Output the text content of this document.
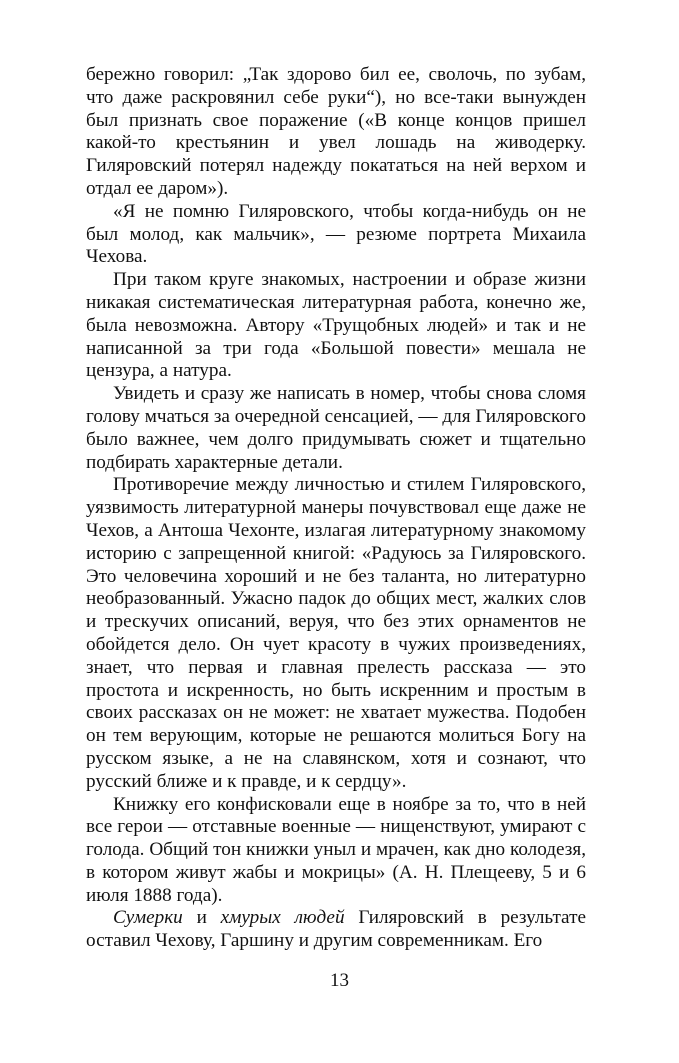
бережно говорил: „Так здорово бил ее, сволочь, по зубам, что даже раскровянил себе руки“), но все-таки вынужден был признать свое поражение («В конце концов пришел какой-то крестьянин и увел лошадь на живодерку. Гиляровский потерял надежду покататься на ней верхом и отдал ее даром»).

«Я не помню Гиляровского, чтобы когда-нибудь он не был молод, как мальчик», — резюме портрета Михаила Чехова.

При таком круге знакомых, настроении и образе жизни никакая систематическая литературная работа, конечно же, была невозможна. Автору «Трущобных людей» и так и не написанной за три года «Большой повести» мешала не цензура, а натура.

Увидеть и сразу же написать в номер, чтобы снова сломя голову мчаться за очередной сенсацией, — для Гиляровского было важнее, чем долго придумывать сюжет и тщательно подбирать характерные детали.

Противоречие между личностью и стилем Гиляровского, уязвимость литературной манеры почувствовал еще даже не Чехов, а Антоша Чехонте, излагая литературному знакомому историю с запрещенной книгой: «Радуюсь за Гиляровского. Это человечина хороший и не без таланта, но литературно необразованный. Ужасно падок до общих мест, жалких слов и трескучих описаний, веруя, что без этих орнаментов не обойдется дело. Он чует красоту в чужих произведениях, знает, что первая и главная прелесть рассказа — это простота и искренность, но быть искренним и простым в своих рассказах он не может: не хватает мужества. Подобен он тем верующим, которые не решаются молиться Богу на русском языке, а не на славянском, хотя и сознают, что русский ближе и к правде, и к сердцу».

Книжку его конфисковали еще в ноябре за то, что в ней все герои — отставные военные — нищенствуют, умирают с голода. Общий тон книжки уныл и мрачен, как дно колодезя, в котором живут жабы и мокрицы» (А. Н. Плещееву, 5 и 6 июля 1888 года).

Сумерки и хмурых людей Гиляровский в результате оставил Чехову, Гаршину и другим современникам. Его

13
